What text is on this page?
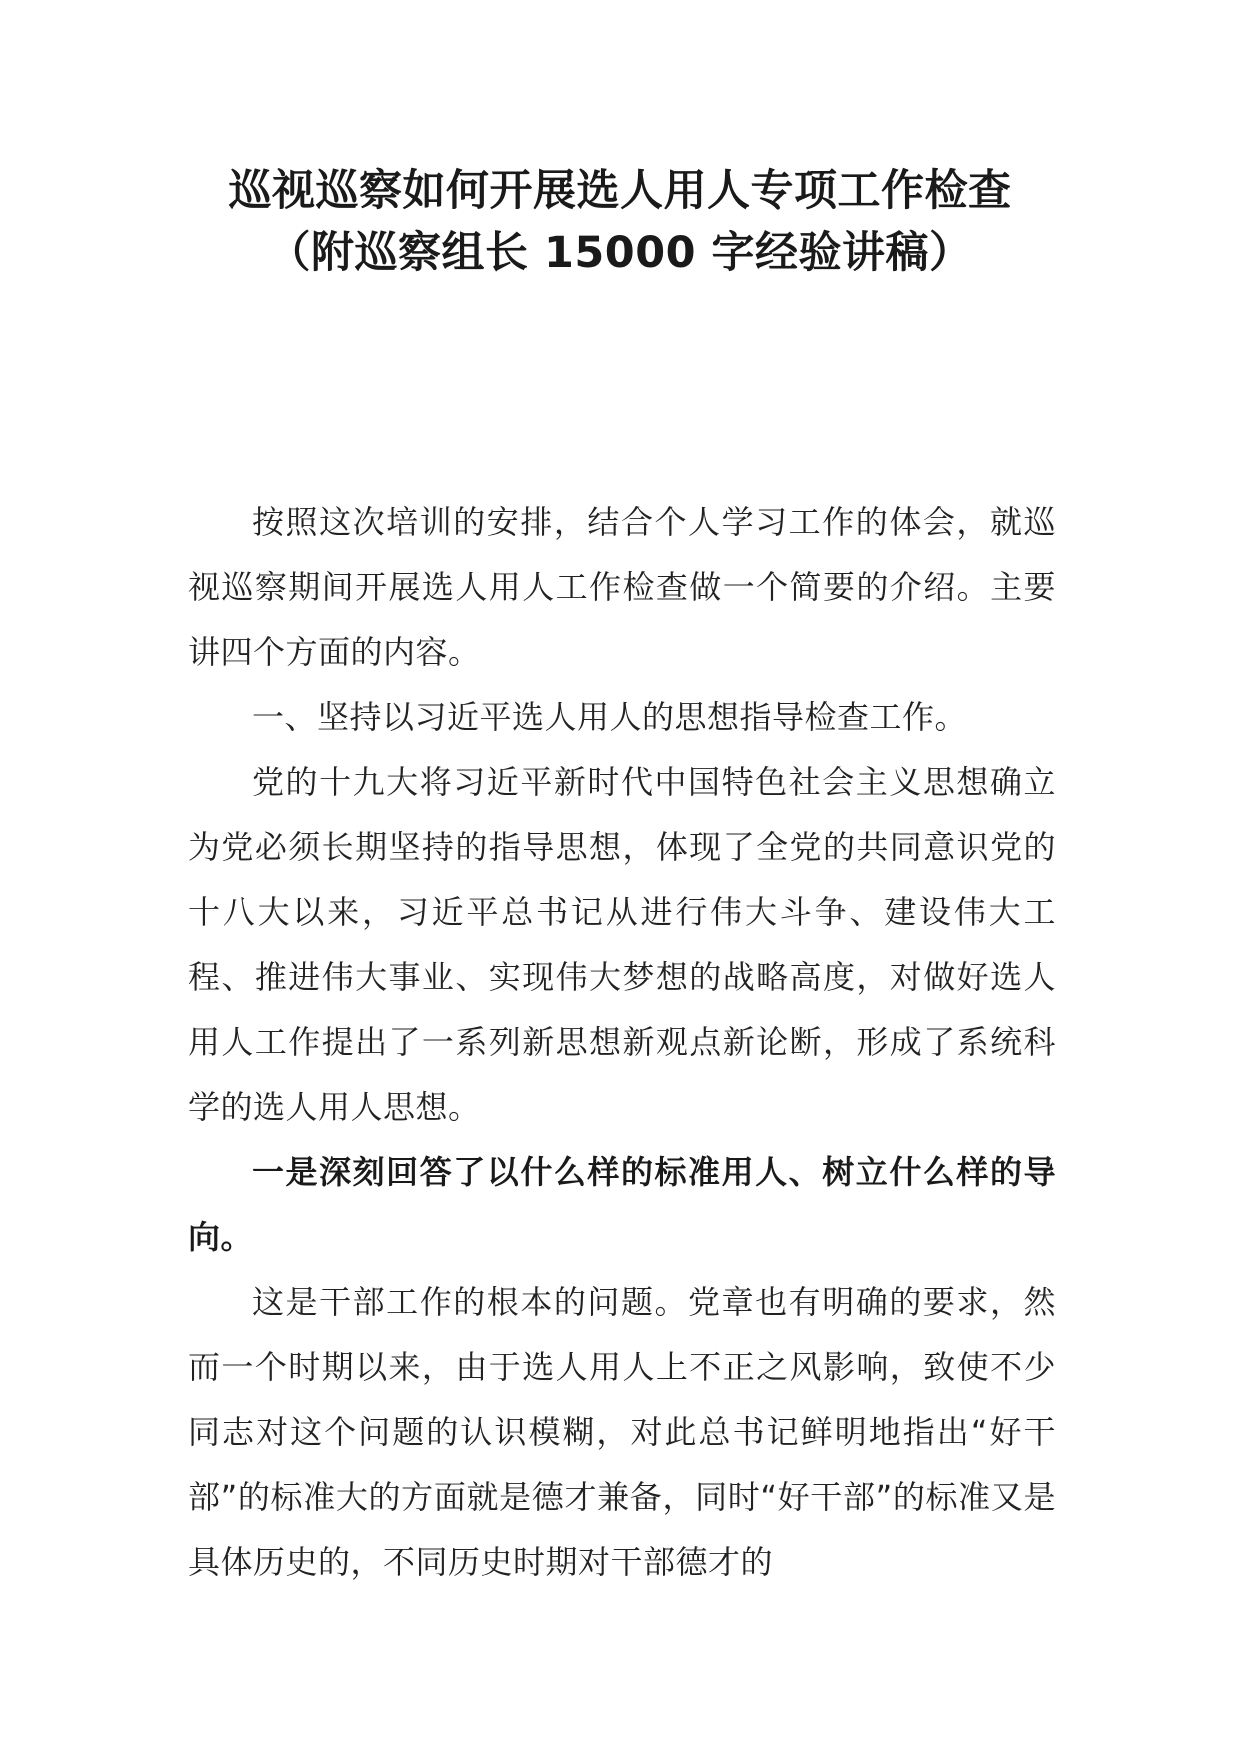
巡视巡察如何开展选人用人专项工作检查
（附巡察组长 15000 字经验讲稿）

按照这次培训的安排，结合个人学习工作的体会，就巡视巡察期间开展选人用人工作检查做一个简要的介绍。主要讲四个方面的内容。

一、坚持以习近平选人用人的思想指导检查工作。

党的十九大将习近平新时代中国特色社会主义思想确立为党必须长期坚持的指导思想，体现了全党的共同意识党的十八大以来，习近平总书记从进行伟大斗争、建设伟大工程、推进伟大事业、实现伟大梦想的战略高度，对做好选人用人工作提出了一系列新思想新观点新论断，形成了系统科学的选人用人思想。

一是深刻回答了以什么样的标准用人、树立什么样的导向。

这是干部工作的根本的问题。党章也有明确的要求，然而一个时期以来，由于选人用人上不正之风影响，致使不少同志对这个问题的认识模糊，对此总书记鲜明地指出“好干部”的标准大的方面就是德才兼备，同时“好干部”的标准又是具体历史的，不同历史时期对干部德才的
